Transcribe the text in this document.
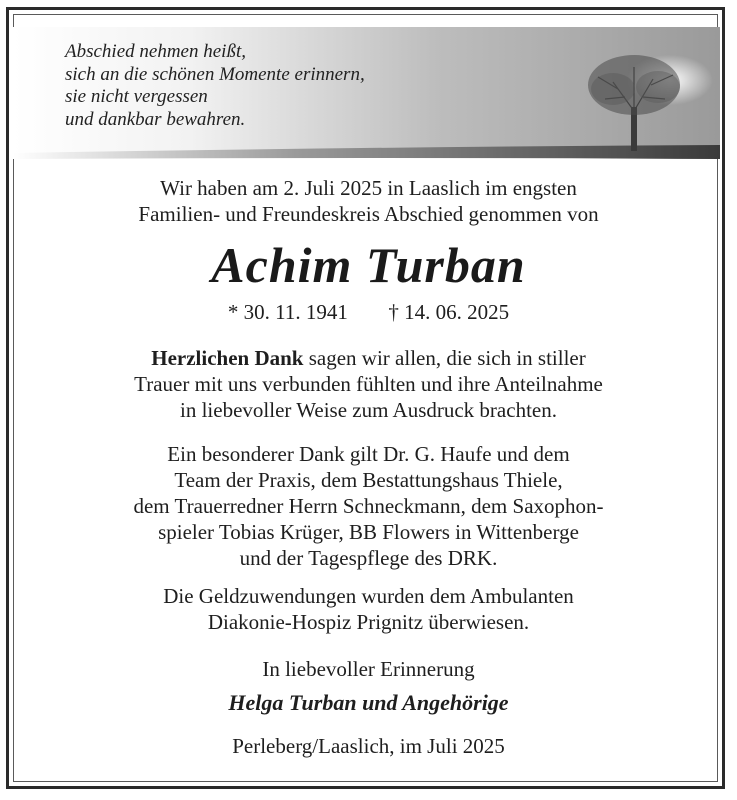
Abschied nehmen heißt,
sich an die schönen Momente erinnern,
sie nicht vergessen
und dankbar bewahren.
Wir haben am 2. Juli 2025 in Laaslich im engsten
Familien- und Freundeskreis Abschied genommen von
Achim Turban
* 30. 11. 1941 † 14. 06. 2025
Herzlichen Dank sagen wir allen, die sich in stiller
Trauer mit uns verbunden fühlten und ihre Anteilnahme
in liebevoller Weise zum Ausdruck brachten.
Ein besonderer Dank gilt Dr. G. Haufe und dem
Team der Praxis, dem Bestattungshaus Thiele,
dem Trauerredner Herrn Schneckmann, dem Saxophon-
spieler Tobias Krüger, BB Flowers in Wittenberge
und der Tagespflege des DRK.
Die Geldzuwendungen wurden dem Ambulanten
Diakonie-Hospiz Prignitz überwiesen.
In liebevoller Erinnerung
Helga Turban und Angehörige
Perleberg/Laaslich, im Juli 2025
